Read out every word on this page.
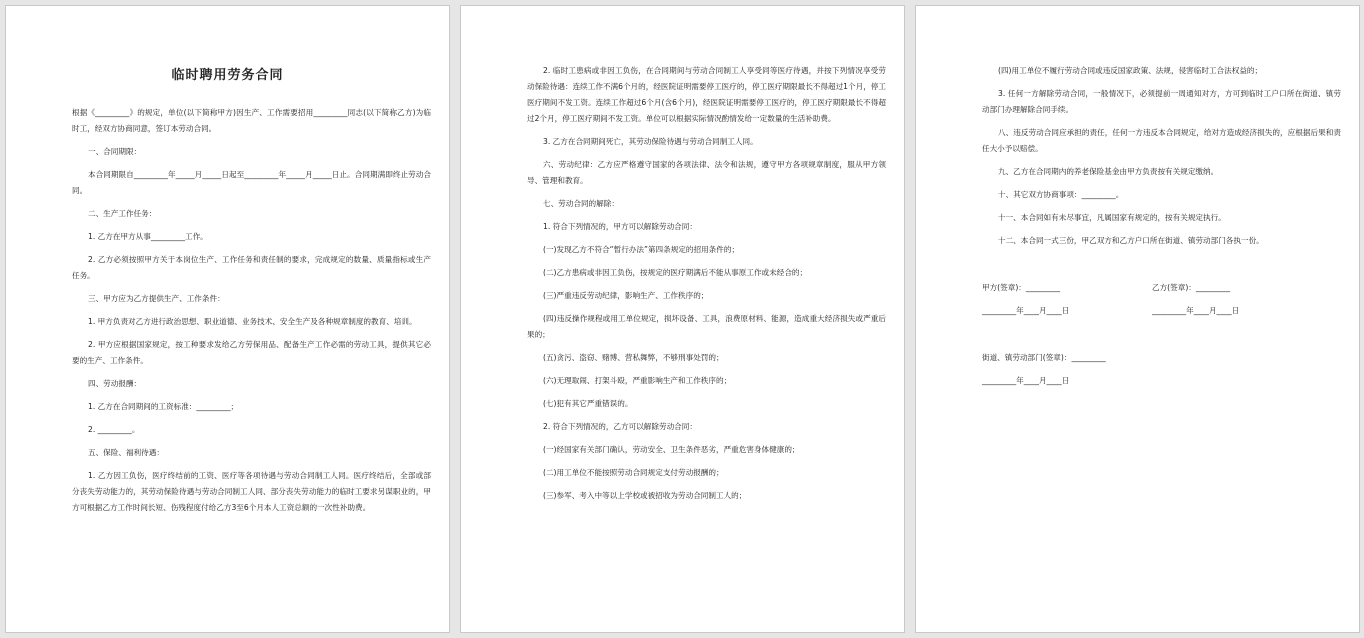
临时聘用劳务合同

根据《_________》的规定，单位(以下简称甲方)因生产、工作需要招用_________同志(以下简称乙方)为临时工，经双方协商同意，签订本劳动合同。

一、合同期限：

本合同期限自_________年_____月_____日起至_________年_____月_____日止。合同期满即终止劳动合同。

二、生产工作任务：

1. 乙方在甲方从事_________工作。

2. 乙方必须按照甲方关于本岗位生产、工作任务和责任制的要求，完成规定的数量、质量指标或生产任务。

三、甲方应为乙方提供生产、工作条件：

1. 甲方负责对乙方进行政治思想、职业道德、业务技术、安全生产及各种规章制度的教育、培训。

2. 甲方应根据国家规定，按工种要求发给乙方劳保用品、配备生产工作必需的劳动工具，提供其它必要的生产、工作条件。

四、劳动报酬：

1. 乙方在合同期间的工资标准：_________；

2. _________。

五、保险、福利待遇：

1. 乙方因工负伤，医疗终结前的工资、医疗等各项待遇与劳动合同制工人同。医疗终结后，全部或部分丧失劳动能力的，其劳动保险待遇与劳动合同制工人同、部分丧失劳动能力的临时工要求另谋职业的，甲方可根据乙方工作时间长短、伤残程度付给乙方3至6个月本人工资总额的一次性补助费。

2. 临时工患病或非因工负伤，在合同期间与劳动合同制工人享受同等医疗待遇，并按下列情况享受劳动保险待遇：连续工作不满6个月的，经医院证明需要停工医疗的，停工医疗期限最长不得超过1个月，停工医疗期间不发工资。连续工作超过6个月(含6个月)，经医院证明需要停工医疗的，停工医疗期限最长不得超过2个月，停工医疗期间不发工资。单位可以根据实际情况酌情发给一定数量的生活补助费。

3. 乙方在合同期间死亡，其劳动保险待遇与劳动合同制工人同。

六、劳动纪律：乙方应严格遵守国家的各项法律、法令和法规，遵守甲方各项规章制度，服从甲方领导、管理和教育。

七、劳动合同的解除：

1. 符合下列情况的，甲方可以解除劳动合同：

(一)发现乙方不符合“暂行办法”第四条规定的招用条件的；

(二)乙方患病或非因工负伤，按规定的医疗期满后不能从事原工作或未经合的；

(三)严重违反劳动纪律，影响生产、工作秩序的；

(四)违反操作规程或用工单位规定，损坏设备、工具，浪费原材料、能源，造成重大经济损失或严重后果的；

(五)贪污、盗窃、赌博、营私舞弊，不够刑事处罚的；

(六)无理取闹、打架斗殴，严重影响生产和工作秩序的；

(七)犯有其它严重错误的。

2. 符合下列情况的，乙方可以解除劳动合同：

(一)经国家有关部门确认，劳动安全、卫生条件恶劣，严重危害身体健康的；

(二)用工单位不能按照劳动合同规定支付劳动报酬的；

(三)参军、考入中等以上学校或被招收为劳动合同制工人的；

(四)用工单位不履行劳动合同或违反国家政策、法规，侵害临时工合法权益的；

3. 任何一方解除劳动合同，一般情况下，必须提前一周通知对方，方可到临时工户口所在街道、镇劳动部门办理解除合同手续。

八、违反劳动合同应承担的责任，任何一方违反本合同规定，给对方造成经济损失的，应根据后果和责任大小予以赔偿。

九、乙方在合同期内的养老保险基金由甲方负责按有关规定缴纳。

十、其它双方协商事项：_________。

十一、本合同如有未尽事宜，凡属国家有规定的，按有关规定执行。

十二、本合同一式三份，甲乙双方和乙方户口所在街道、镇劳动部门各执一份。

甲方(签章)：_________	乙方(签章)：_________
_________年____月____日	_________年____月____日
街道、镇劳动部门(签章)：_________
_________年____月____日
